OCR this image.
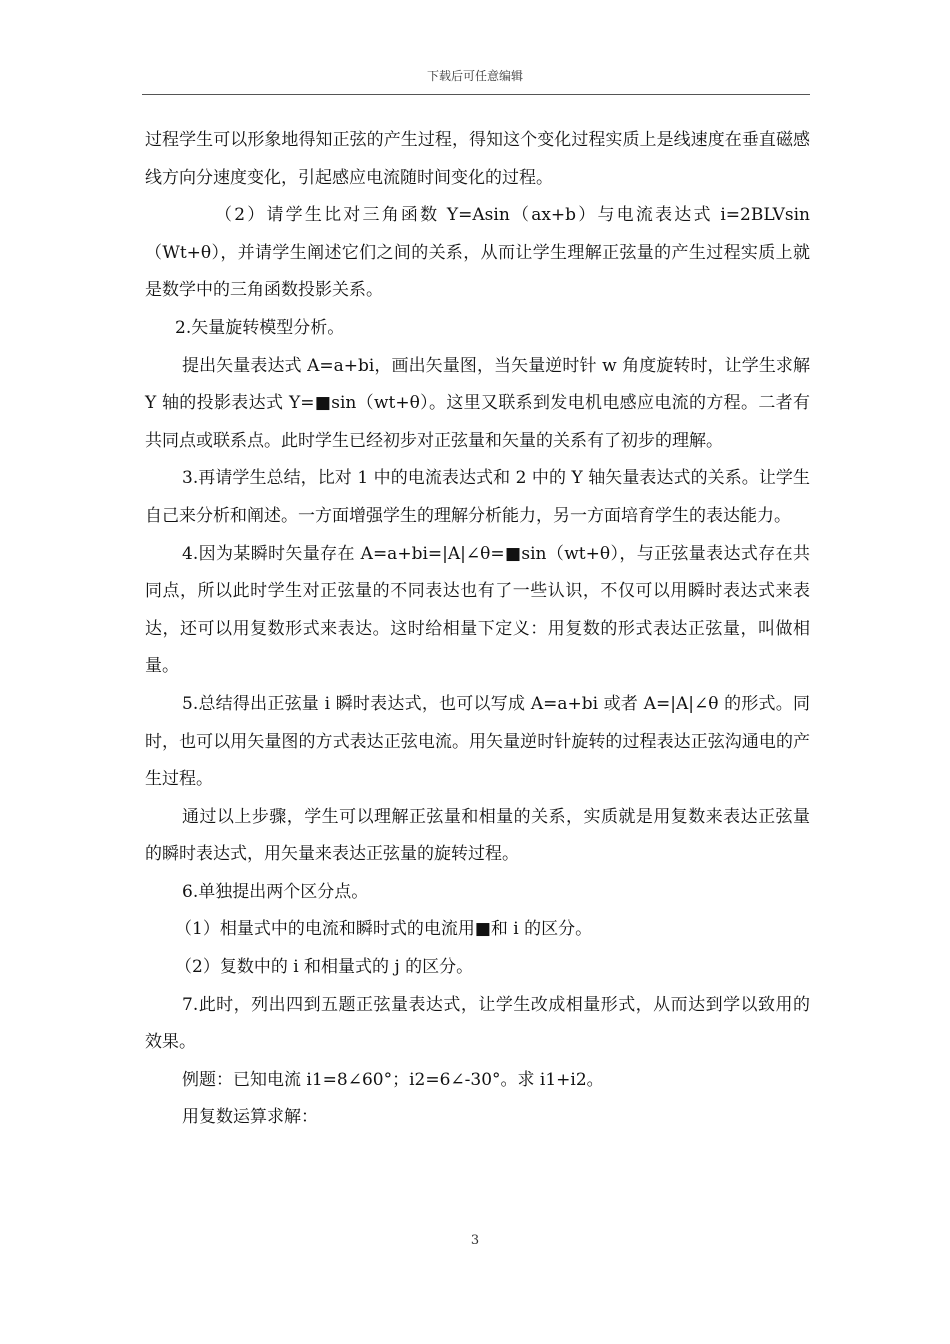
下载后可任意编辑

过程学生可以形象地得知正弦的产生过程，得知这个变化过程实质上是线速度在垂直磁感线方向分速度变化，引起感应电流随时间变化的过程。

（2）请学生比对三角函数 Y=Asin（ax+b）与电流表达式 i=2BLVsin（Wt+θ），并请学生阐述它们之间的关系，从而让学生理解正弦量的产生过程实质上就是数学中的三角函数投影关系。

2.矢量旋转模型分析。

提出矢量表达式 A=a+bi，画出矢量图，当矢量逆时针 w 角度旋转时，让学生求解 Y 轴的投影表达式 Y=■sin（wt+θ）。这里又联系到发电机电感应电流的方程。二者有共同点或联系点。此时学生已经初步对正弦量和矢量的关系有了初步的理解。

3.再请学生总结，比对 1 中的电流表达式和 2 中的 Y 轴矢量表达式的关系。让学生自己来分析和阐述。一方面增强学生的理解分析能力，另一方面培育学生的表达能力。

4.因为某瞬时矢量存在 A=a+bi=|A|∠θ=■sin（wt+θ），与正弦量表达式存在共同点，所以此时学生对正弦量的不同表达也有了一些认识，不仅可以用瞬时表达式来表达，还可以用复数形式来表达。这时给相量下定义：用复数的形式表达正弦量，叫做相量。

5.总结得出正弦量 i 瞬时表达式，也可以写成 A=a+bi 或者 A=|A|∠θ 的形式。同时，也可以用矢量图的方式表达正弦电流。用矢量逆时针旋转的过程表达正弦沟通电的产生过程。

通过以上步骤，学生可以理解正弦量和相量的关系，实质就是用复数来表达正弦量的瞬时表达式，用矢量来表达正弦量的旋转过程。

6.单独提出两个区分点。

（1）相量式中的电流和瞬时式的电流用■和 i 的区分。

（2）复数中的 i 和相量式的 j 的区分。

7.此时，列出四到五题正弦量表达式，让学生改成相量形式，从而达到学以致用的效果。

例题：已知电流 i1=8∠60°；i2=6∠-30°。求 i1+i2。

用复数运算求解：

3
